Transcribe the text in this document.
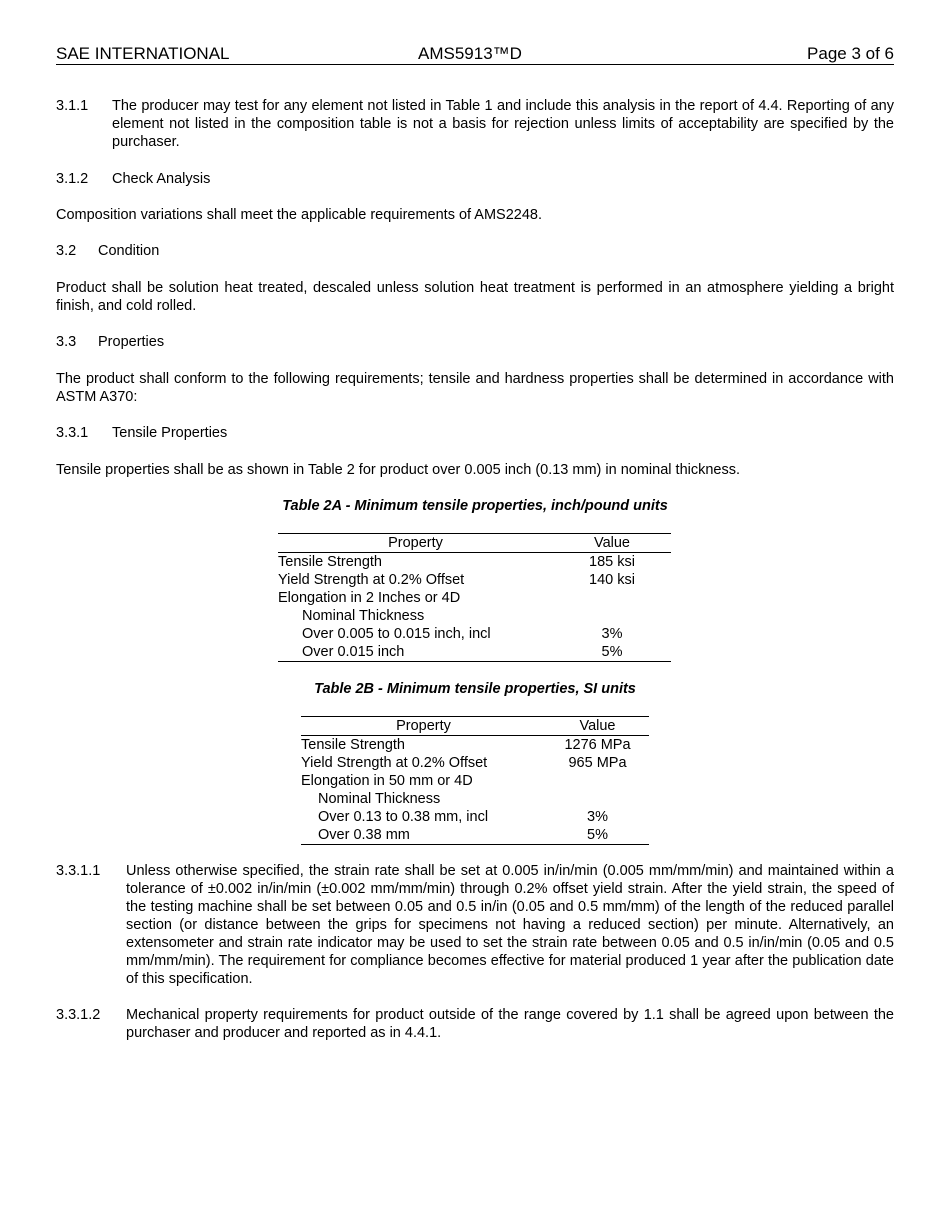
SAE INTERNATIONAL	AMS5913™D	Page 3 of 6
3.1.1 The producer may test for any element not listed in Table 1 and include this analysis in the report of 4.4. Reporting of any element not listed in the composition table is not a basis for rejection unless limits of acceptability are specified by the purchaser.
3.1.2 Check Analysis
Composition variations shall meet the applicable requirements of AMS2248.
3.2 Condition
Product shall be solution heat treated, descaled unless solution heat treatment is performed in an atmosphere yielding a bright finish, and cold rolled.
3.3 Properties
The product shall conform to the following requirements; tensile and hardness properties shall be determined in accordance with ASTM A370:
3.3.1 Tensile Properties
Tensile properties shall be as shown in Table 2 for product over 0.005 inch (0.13 mm) in nominal thickness.
Table 2A - Minimum tensile properties, inch/pound units
Property	Value
Tensile Strength	185 ksi
Yield Strength at 0.2% Offset	140 ksi
Elongation in 2 Inches or 4D	
Nominal Thickness	
Over 0.005 to 0.015 inch, incl	3%
Over 0.015 inch	5%
Table 2B - Minimum tensile properties, SI units
Property	Value
Tensile Strength	1276 MPa
Yield Strength at 0.2% Offset	965 MPa
Elongation in 50 mm or 4D	
Nominal Thickness	
Over 0.13 to 0.38 mm, incl	3%
Over 0.38 mm	5%
3.3.1.1 Unless otherwise specified, the strain rate shall be set at 0.005 in/in/min (0.005 mm/mm/min) and maintained within a tolerance of ±0.002 in/in/min (±0.002 mm/mm/min) through 0.2% offset yield strain. After the yield strain, the speed of the testing machine shall be set between 0.05 and 0.5 in/in (0.05 and 0.5 mm/mm) of the length of the reduced parallel section (or distance between the grips for specimens not having a reduced section) per minute. Alternatively, an extensometer and strain rate indicator may be used to set the strain rate between 0.05 and 0.5 in/in/min (0.05 and 0.5 mm/mm/min). The requirement for compliance becomes effective for material produced 1 year after the publication date of this specification.
3.3.1.2 Mechanical property requirements for product outside of the range covered by 1.1 shall be agreed upon between the purchaser and producer and reported as in 4.4.1.
